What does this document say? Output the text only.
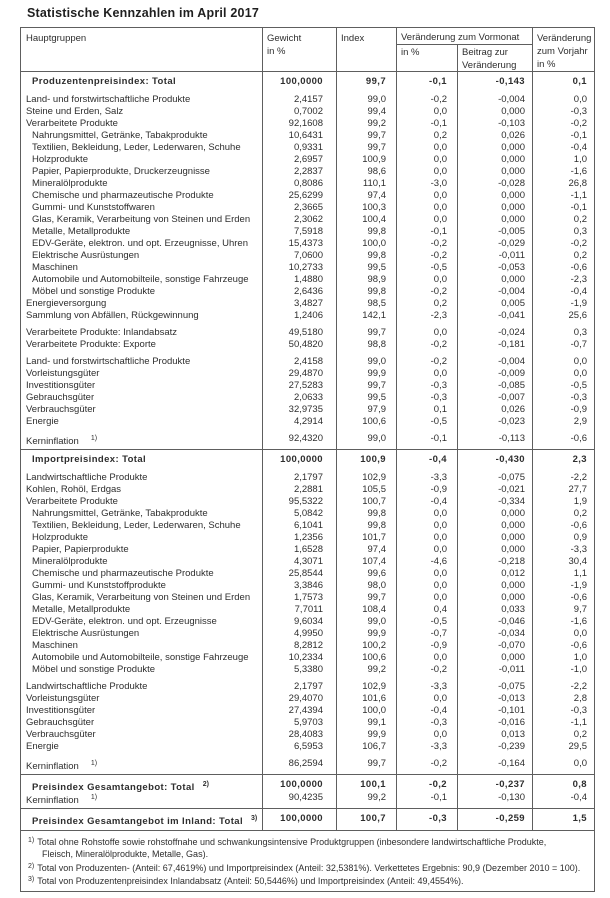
Statistische Kennzahlen im April 2017
Hauptgruppen	Gewicht
in %
Index	Veränderung zum Vormonat
in %	Beitrag zur
Veränderung
Veränderung
zum Vorjahr
in %
Produzentenpreisindex: Total	100,0000	99,7	-0,1	-0,143	0,1
Land- und forstwirtschaftliche Produkte	2,4157	99,0	-0,2	-0,004	0,0
Steine und Erden, Salz	0,7002	99,4	0,0	0,000	-0,3
Verarbeitete Produkte	92,1608	99,2	-0,1	-0,103	-0,2
Nahrungsmittel, Getränke, Tabakprodukte	10,6431	99,7	0,2	0,026	-0,1
Textilien, Bekleidung, Leder, Lederwaren, Schuhe	0,9331	99,7	0,0	0,000	-0,4
Holzprodukte	2,6957	100,9	0,0	0,000	1,0
Papier, Papierprodukte, Druckerzeugnisse	2,2837	98,6	0,0	0,000	-1,6
Mineralölprodukte	0,8086	110,1	-3,0	-0,028	26,8
Chemische und pharmazeutische Produkte	25,6299	97,4	0,0	0,000	-1,1
Gummi- und Kunststoffwaren	2,3665	100,3	0,0	0,000	-0,1
Glas, Keramik, Verarbeitung von Steinen und Erden	2,3062	100,4	0,0	0,000	0,2
Metalle, Metallprodukte	7,5918	99,8	-0,1	-0,005	0,3
EDV-Geräte, elektron. und opt. Erzeugnisse, Uhren	15,4373	100,0	-0,2	-0,029	-0,2
Elektrische Ausrüstungen	7,0600	99,8	-0,2	-0,011	0,2
Maschinen	10,2733	99,5	-0,5	-0,053	-0,6
Automobile und Automobilteile, sonstige Fahrzeuge	1,4880	98,9	0,0	0,000	-2,3
Möbel und sonstige Produkte	2,6436	99,8	-0,2	-0,004	-0,4
Energieversorgung	3,4827	98,5	0,2	0,005	-1,9
Sammlung von Abfällen, Rückgewinnung	1,2406	142,1	-2,3	-0,041	25,6
Verarbeitete Produkte: Inlandabsatz	49,5180	99,7	0,0	-0,024	0,3
Verarbeitete Produkte: Exporte	50,4820	98,8	-0,2	-0,181	-0,7
Land- und forstwirtschaftliche Produkte	2,4158	99,0	-0,2	-0,004	0,0
Vorleistungsgüter	29,4870	99,9	0,0	-0,009	0,0
Investitionsgüter	27,5283	99,7	-0,3	-0,085	-0,5
Gebrauchsgüter	2,0633	99,5	-0,3	-0,007	-0,3
Verbrauchsgüter	32,9735	97,9	0,1	0,026	-0,9
Energie	4,2914	100,6	-0,5	-0,023	2,9
Kerninflation $^{1)}$	92,4320	99,0	-0,1	-0,113	-0,6
Importpreisindex: Total	100,0000	100,9	-0,4	-0,430	2,3
Landwirtschaftliche Produkte	2,1797	102,9	-3,3	-0,075	-2,2
Kohlen, Rohöl, Erdgas	2,2881	105,5	-0,9	-0,021	27,7
Verarbeitete Produkte	95,5322	100,7	-0,4	-0,334	1,9
Nahrungsmittel, Getränke, Tabakprodukte	5,0842	99,8	0,0	0,000	0,2
Textilien, Bekleidung, Leder, Lederwaren, Schuhe	6,1041	99,8	0,0	0,000	-0,6
Holzprodukte	1,2356	101,7	0,0	0,000	0,9
Papier, Papierprodukte	1,6528	97,4	0,0	0,000	-3,3
Mineralölprodukte	4,3071	107,4	-4,6	-0,218	30,4
Chemische und pharmazeutische Produkte	25,8544	99,6	0,0	0,012	1,1
Gummi- und Kunststoffprodukte	3,3846	98,0	0,0	0,000	-1,9
Glas, Keramik, Verarbeitung von Steinen und Erden	1,7573	99,7	0,0	0,000	-0,6
Metalle, Metallprodukte	7,7011	108,4	0,4	0,033	9,7
EDV-Geräte, elektron. und opt. Erzeugnisse	9,6034	99,0	-0,5	-0,046	-1,6
Elektrische Ausrüstungen	4,9950	99,9	-0,7	-0,034	0,0
Maschinen	8,2812	100,2	-0,9	-0,070	-0,6
Automobile und Automobilteile, sonstige Fahrzeuge	10,2334	100,6	0,0	0,000	1,0
Möbel und sonstige Produkte	5,3380	99,2	-0,2	-0,011	-1,0
Landwirtschaftliche Produkte	2,1797	102,9	-3,3	-0,075	-2,2
Vorleistungsgüter	29,4070	101,6	0,0	-0,013	2,8
Investitionsgüter	27,4394	100,0	-0,4	-0,101	-0,3
Gebrauchsgüter	5,9703	99,1	-0,3	-0,016	-1,1
Verbrauchsgüter	28,4083	99,9	0,0	0,013	0,2
Energie	6,5953	106,7	-3,3	-0,239	29,5
Kerninflation $^{1)}$	86,2594	99,7	-0,2	-0,164	0,0
Preisindex Gesamtangebot: Total $^{2)}$	100,0000	100,1	-0,2	-0,237	0,8
Kerninflation $^{1)}$	90,4235	99,2	-0,1	-0,130	-0,4
Preisindex Gesamtangebot im Inland: Total $^{3)}$	100,0000	100,7	-0,3	-0,259	1,5
$^{1)}$ Total ohne Rohstoffe sowie rohstoffnahe und schwankungsintensive Produktgruppen (inbesondere landwirtschaftliche Produkte,
Fleisch, Mineralölprodukte, Metalle, Gas).
$^{2)}$ Total von Produzenten- (Anteil: 67,4619%) und Importpreisindex (Anteil: 32,5381%). Verkettetes Ergebnis: 90,9 (Dezember 2010 = 100).
$^{3)}$ Total von Produzentenpreisindex Inlandabsatz (Anteil: 50,5446%) und Importpreisindex (Anteil: 49,4554%).
